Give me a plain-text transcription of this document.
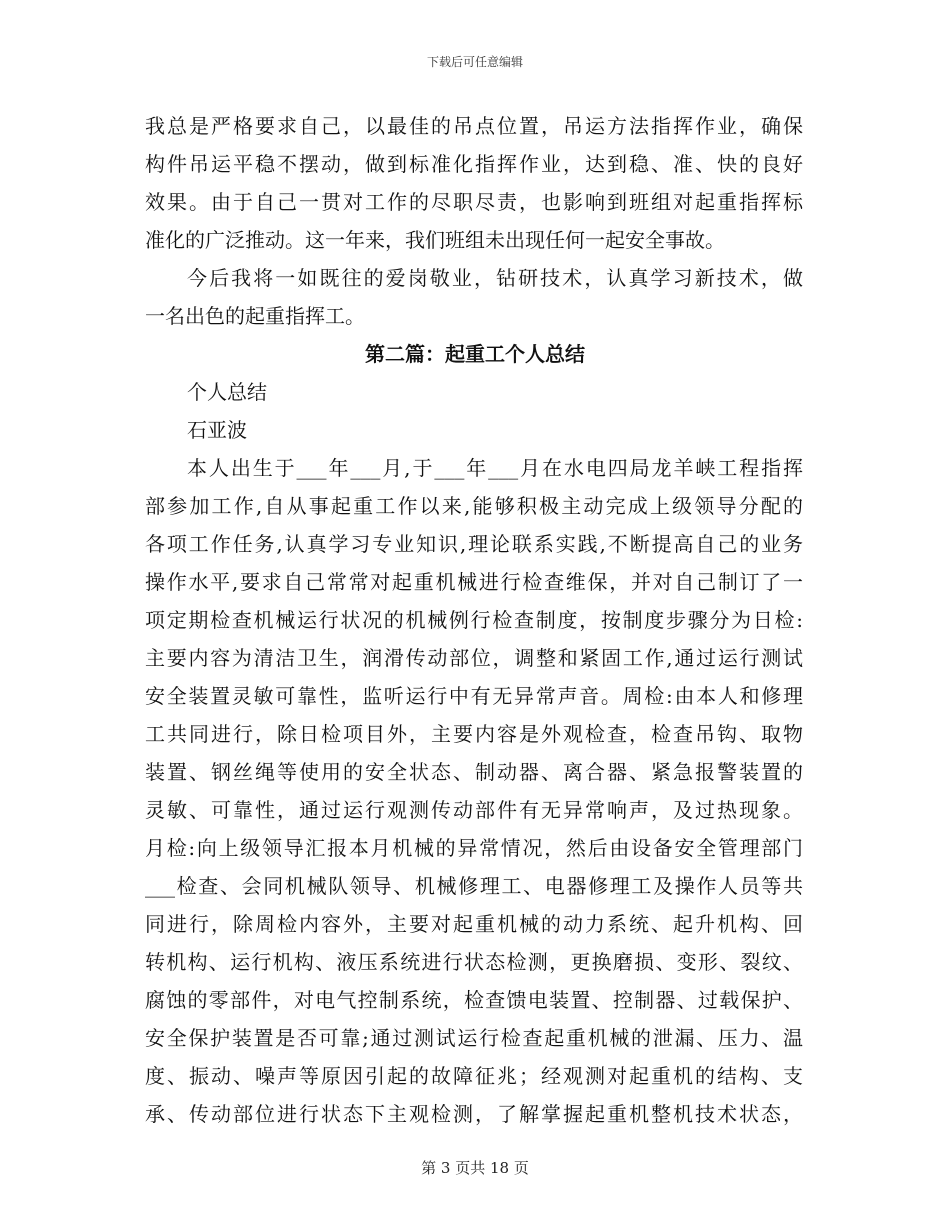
下载后可任意编辑
我总是严格要求自己，以最佳的吊点位置，吊运方法指挥作业，确保
构件吊运平稳不摆动，做到标准化指挥作业，达到稳、准、快的良好
效果。由于自己一贯对工作的尽职尽责，也影响到班组对起重指挥标
准化的广泛推动。这一年来，我们班组未出现任何一起安全事故。
今后我将一如既往的爱岗敬业，钻研技术，认真学习新技术，做
一名出色的起重指挥工。
第二篇：起重工个人总结
个人总结
石亚波
本人出生于___年___月,于___年___月在水电四局龙羊峡工程指挥
部参加工作,自从事起重工作以来,能够积极主动完成上级领导分配的
各项工作任务,认真学习专业知识,理论联系实践,不断提高自己的业务
操作水平,要求自己常常对起重机械进行检查维保，并对自己制订了一
项定期检查机械运行状况的机械例行检查制度，按制度步骤分为日检:
主要内容为清洁卫生，润滑传动部位，调整和紧固工作,通过运行测试
安全装置灵敏可靠性，监听运行中有无异常声音。周检:由本人和修理
工共同进行，除日检项目外，主要内容是外观检查，检查吊钩、取物
装置、钢丝绳等使用的安全状态、制动器、离合器、紧急报警装置的
灵敏、可靠性，通过运行观测传动部件有无异常响声，及过热现象。
月检:向上级领导汇报本月机械的异常情况，然后由设备安全管理部门
___检查、会同机械队领导、机械修理工、电器修理工及操作人员等共
同进行，除周检内容外，主要对起重机械的动力系统、起升机构、回
转机构、运行机构、液压系统进行状态检测，更换磨损、变形、裂纹、
腐蚀的零部件，对电气控制系统，检查馈电装置、控制器、过载保护、
安全保护装置是否可靠;通过测试运行检查起重机械的泄漏、压力、温
度、振动、噪声等原因引起的故障征兆；经观测对起重机的结构、支
承、传动部位进行状态下主观检测，了解掌握起重机整机技术状态，
第 3 页共 18 页
